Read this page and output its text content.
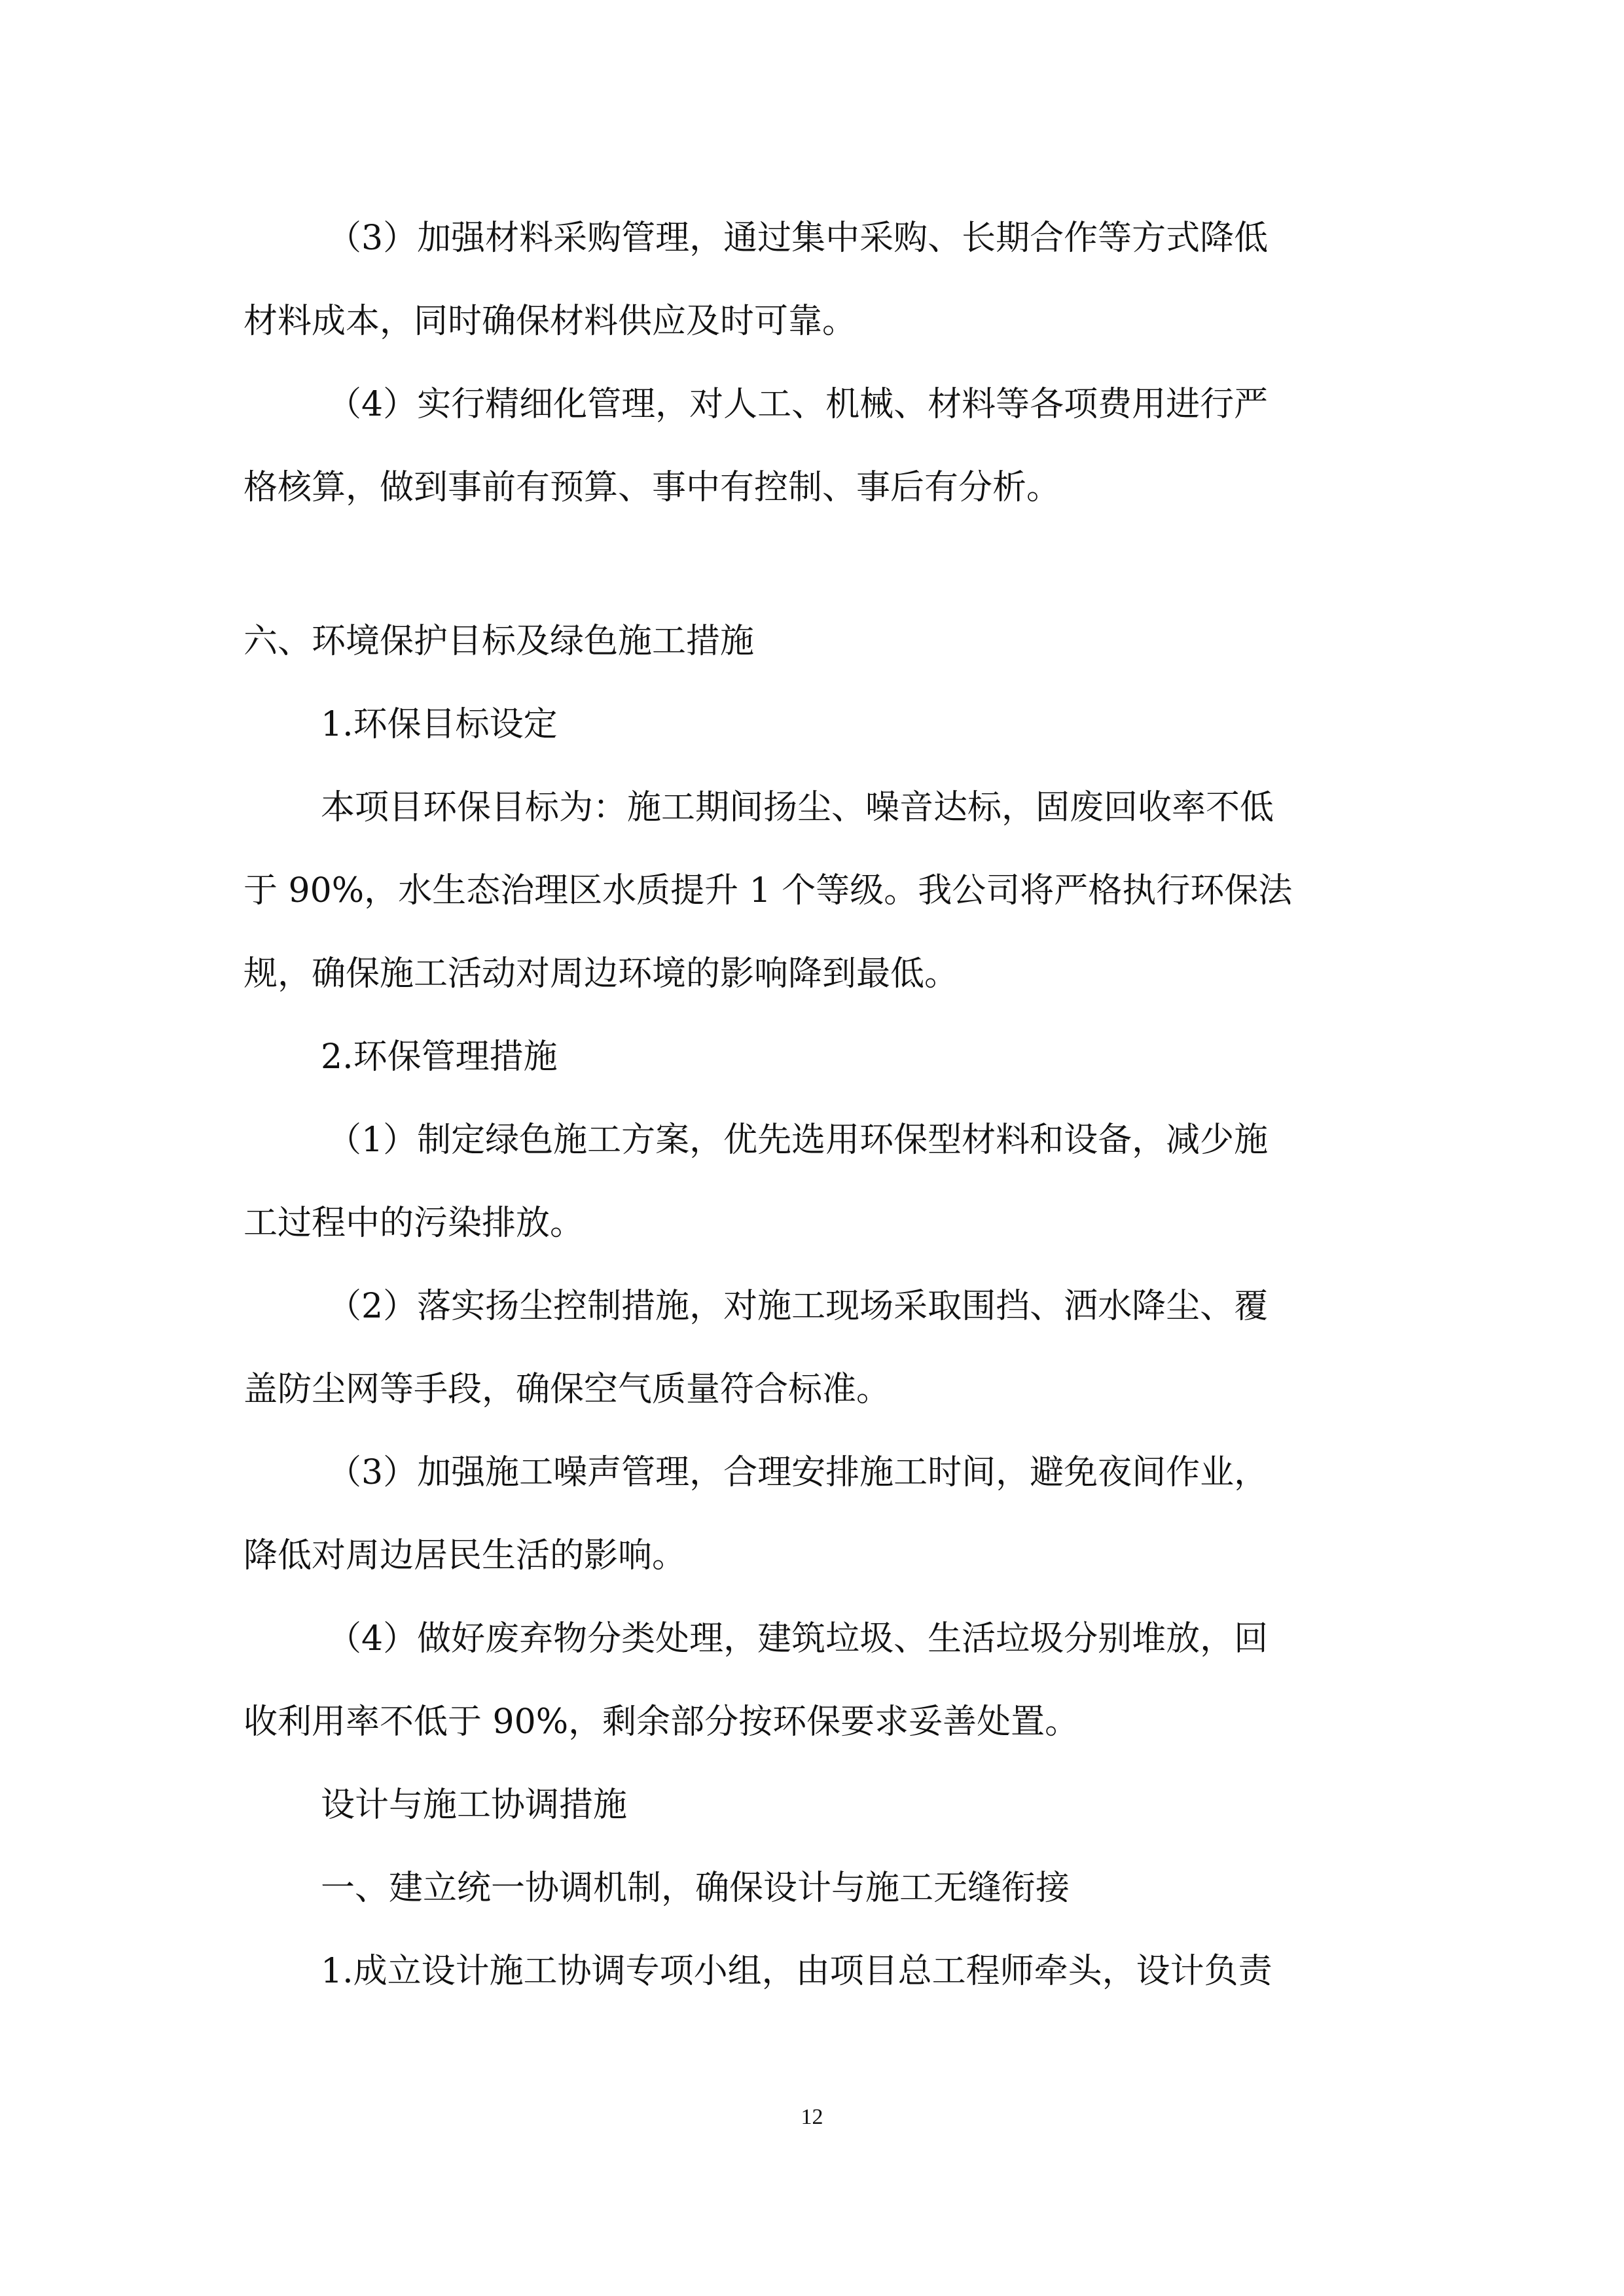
（3）加强材料采购管理，通过集中采购、长期合作等方式降低
材料成本，同时确保材料供应及时可靠。
（4）实行精细化管理，对人工、机械、材料等各项费用进行严
格核算，做到事前有预算、事中有控制、事后有分析。
六、环境保护目标及绿色施工措施
1.环保目标设定
本项目环保目标为：施工期间扬尘、噪音达标，固废回收率不低
于 90%，水生态治理区水质提升 1 个等级。我公司将严格执行环保法
规，确保施工活动对周边环境的影响降到最低。
2.环保管理措施
（1）制定绿色施工方案，优先选用环保型材料和设备，减少施
工过程中的污染排放。
（2）落实扬尘控制措施，对施工现场采取围挡、洒水降尘、覆
盖防尘网等手段，确保空气质量符合标准。
（3）加强施工噪声管理，合理安排施工时间，避免夜间作业，
降低对周边居民生活的影响。
（4）做好废弃物分类处理，建筑垃圾、生活垃圾分别堆放，回
收利用率不低于 90%，剩余部分按环保要求妥善处置。
设计与施工协调措施
一、建立统一协调机制，确保设计与施工无缝衔接
1.成立设计施工协调专项小组，由项目总工程师牵头，设计负责
12
